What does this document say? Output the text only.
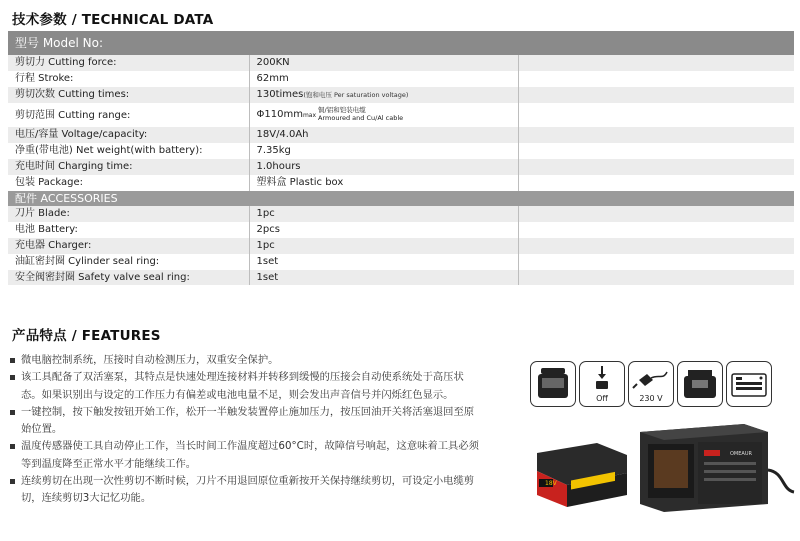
技术参数 / TECHNICAL DATA
型号 Model No:		
剪切力 Cutting force:	200KN	
行程 Stroke:	62mm	
剪切次数 Cutting times:	130times(饱和电压 Per saturation voltage)	
剪切范围 Cutting range:	Φ110mmmax铜/铝和铠装电缆
Armoured and Cu/Al cable	
电压/容量 Voltage/capacity:	18V/4.0Ah	
净重(带电池) Net weight(with battery):	7.35kg	
充电时间 Charging time:	1.0hours	
包装 Package:	塑料盒 Plastic box	
配件 ACCESSORIES		
刀片 Blade:	1pc	
电池 Battery:	2pcs	
充电器 Charger:	1pc	
油缸密封圈 Cylinder seal ring:	1set	
安全阀密封圈 Safety valve seal ring:	1set	
产品特点 / FEATURES
微电脑控制系统，压接时自动检测压力，双重安全保护。
该工具配备了双活塞泵，其特点是快速处理连接材料并转移到缓慢的压接会自动使系统处于高压状态。如果识别出与设定的工作压力有偏差或电池电量不足，则会发出声音信号并闪烁红色显示。
一键控制，按下触发按钮开始工作，松开一半触发装置停止施加压力，按压回油开关将活塞退回至原始位置。
温度传感器使工具自动停止工作，当长时间工作温度超过60°C时，故障信号响起，这意味着工具必须等到温度降至正常水平才能继续工作。
连续剪切在出现一次性剪切不断时候，刀片不用退回原位重新按开关保持继续剪切，可设定小电缆剪切，连续剪切3大记忆功能。
Off	230 V
18V
OMEAUR
